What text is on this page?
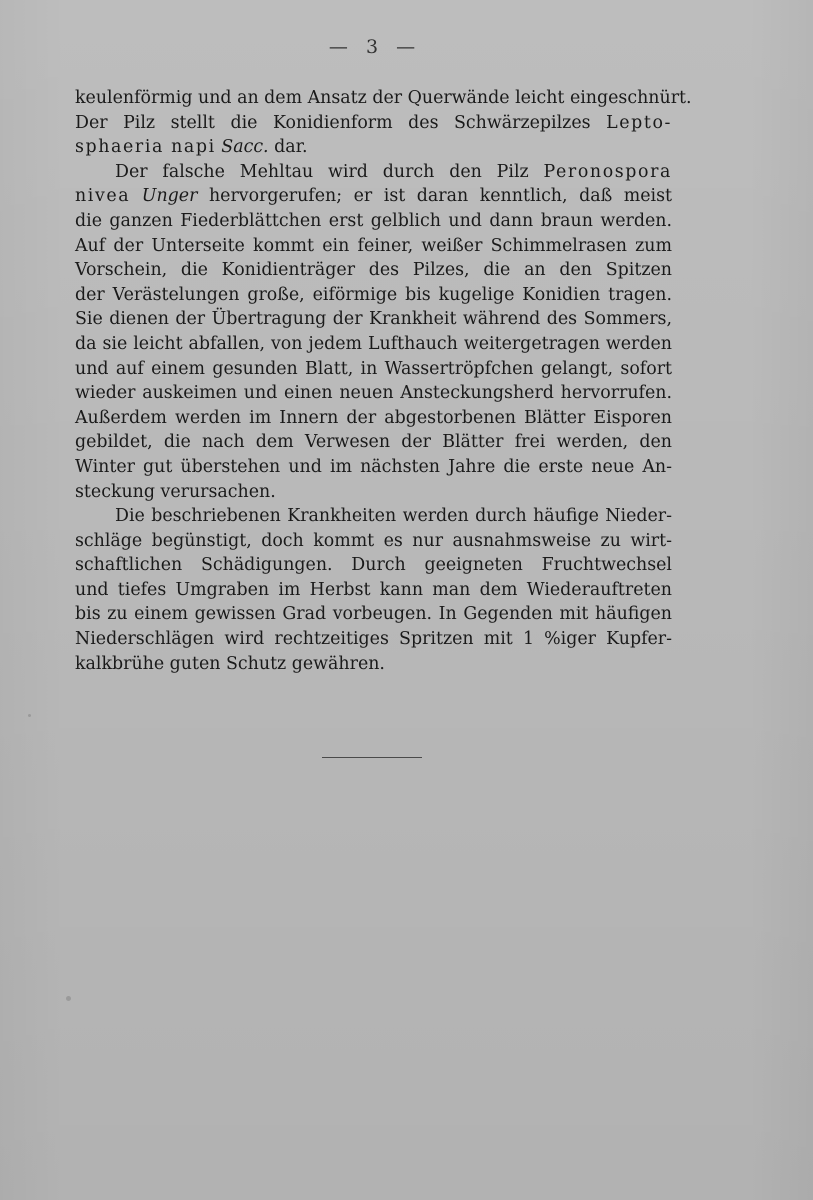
— 3 —

keulenförmig und an dem Ansatz der Querwände leicht eingeschnürt.
Der Pilz stellt die Konidienform des Schwärzepilzes Lepto-
sphaeria napi Sacc. dar.

Der falsche Mehltau wird durch den Pilz Peronospora
nivea Unger hervorgerufen; er ist daran kenntlich, daß meist
die ganzen Fiederblättchen erst gelblich und dann braun werden.
Auf der Unterseite kommt ein feiner, weißer Schimmelrasen zum
Vorschein, die Konidienträger des Pilzes, die an den Spitzen
der Verästelungen große, eiförmige bis kugelige Konidien tragen.
Sie dienen der Übertragung der Krankheit während des Sommers,
da sie leicht abfallen, von jedem Lufthauch weitergetragen werden
und auf einem gesunden Blatt, in Wassertröpfchen gelangt, sofort
wieder auskeimen und einen neuen Ansteckungsherd hervorrufen.
Außerdem werden im Innern der abgestorbenen Blätter Eisporen
gebildet, die nach dem Verwesen der Blätter frei werden, den
Winter gut überstehen und im nächsten Jahre die erste neue An-
steckung verursachen.

Die beschriebenen Krankheiten werden durch häufige Nieder-
schläge begünstigt, doch kommt es nur ausnahmsweise zu wirt-
schaftlichen Schädigungen. Durch geeigneten Fruchtwechsel
und tiefes Umgraben im Herbst kann man dem Wiederauftreten
bis zu einem gewissen Grad vorbeugen. In Gegenden mit häufigen
Niederschlägen wird rechtzeitiges Spritzen mit 1 %iger Kupfer-
kalkbrühe guten Schutz gewähren.
